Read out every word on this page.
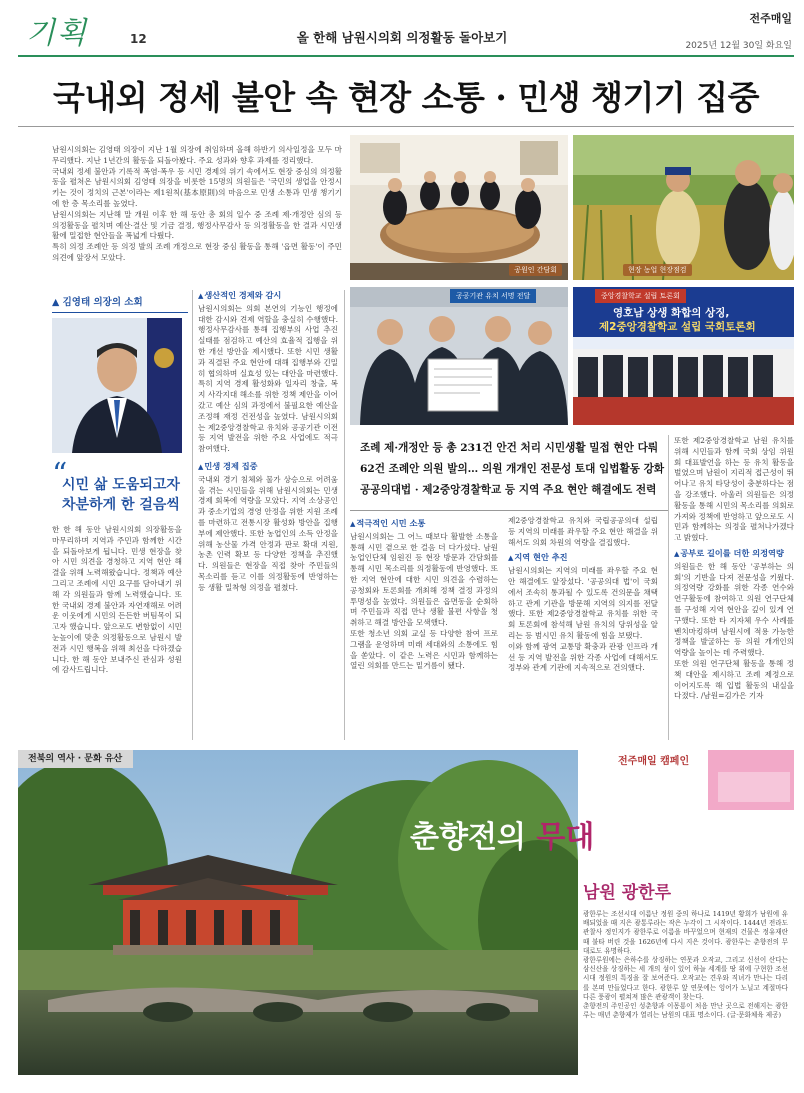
기획	12	올 한해 남원시의회 의정활동 돌아보기
전주매일
2025년 12월 30일 화요일
국내외 정세 불안 속 현장 소통 · 민생 챙기기 집중

남원시의회는 김영태 의장이 지난 1월 의장에 취임하며 올해 하반기 의사일정을 모두 마무리했다. 지난 1년간의 활동을 되돌아봤다. 주요 성과와 향후 과제를 정리했다.

국내외 정세 불안과 기록적 폭염·폭우 등 시민 경제의 위기 속에서도 현장 중심의 의정활동을 펼쳐온 남원시의회 김영태 의장을 비롯한 15명의 의원들은 '국민의 생업을 안정시키는 것이 정치의 근본'이라는 제1원칙(基本原則)의 마음으로 민생 소통과 민생 챙기기에 한 층 목소리를 높였다.

남원시의회는 지난해 말 개원 이후 한 해 동안 총 회의 일수 중 조례 제·개정안 심의 등 의정활동을 펼치며 예산·결산 및 기금 결정, 행정사무감사 등 의정활동을 한 결과 시민생활에 밀접한 현안들을 폭넓게 다뤘다.

특히 의정 조례안 등 의정 발의 조례 개정으로 현장 중심 활동을 통해 '읍면 활동'이 주민 의견에 앞장서 모았다.

공원인 간담회	현장 농업 현장점검
▲ 김영태 의장의 소회
“
시민 삶 도움되고자 차분하게 한 걸음씩
한 한 해 동안 남원시의회 의장활동을 마무리하며 지역과 주민과 함께한 시간을 되돌아보게 됩니다. 민생 현장을 찾아 시민 의견을 경청하고 지역 현안 해결을 위해 노력해왔습니다. 정책과 예산 그리고 조례에 시민 요구를 담아내기 위해 각 의원들과 함께 노력했습니다. 또한 국내외 경제 불안과 자연재해로 어려운 이웃에게 시민의 든든한 버팀목이 되고자 했습니다. 앞으로도 변함없이 시민 눈높이에 맞춘 의정활동으로 남원시 발전과 시민 행복을 위해 최선을 다하겠습니다. 한 해 동안 보내주신 관심과 성원에 감사드립니다.
▲ 생산적인 경제와 감시

남원시의회는 의회 본연의 기능인 행정에 대한 감시와 견제 역할을 충실히 수행했다. 행정사무감사를 통해 집행부의 사업 추진 실태를 점검하고 예산의 효율적 집행을 위한 개선 방안을 제시했다. 또한 시민 생활과 직결된 주요 현안에 대해 집행부와 긴밀히 협의하며 실효성 있는 대안을 마련했다. 특히 지역 경제 활성화와 일자리 창출, 복지 사각지대 해소를 위한 정책 제안을 이어갔고 예산 심의 과정에서 불필요한 예산을 조정해 재정 건전성을 높였다. 남원시의회는 제2중앙경찰학교 유치와 공공기관 이전 등 지역 발전을 위한 주요 사업에도 적극 참여했다.

▲ 민생 경제 집중

국내외 경기 침체와 물가 상승으로 어려움을 겪는 시민들을 위해 남원시의회는 민생 경제 회복에 역량을 모았다. 지역 소상공인과 중소기업의 경영 안정을 위한 지원 조례를 마련하고 전통시장 활성화 방안을 집행부에 제안했다. 또한 농업인의 소득 안정을 위해 농산물 가격 안정과 판로 확대 지원, 농촌 인력 확보 등 다양한 정책을 추진했다. 의원들은 현장을 직접 찾아 주민들의 목소리를 듣고 이를 의정활동에 반영하는 등 생활 밀착형 의정을 펼쳤다.

공공기관 유치 서명 전달	중앙경찰학교 설립 토론회
영호남 상생 화합의 상징,
제2중앙경찰학교 설립 국회토론회
조례 제·개정안 등 총 231건 안건 처리 시민생활 밀접 현안 다뤄
62건 조례안 의원 발의… 의원 개개인 전문성 토대 입법활동 강화
공공의대법 · 제2중앙경찰학교 등 지역 주요 현안 해결에도 전력
▲ 적극적인 시민 소통

남원시의회는 그 어느 때보다 활발한 소통을 통해 시민 곁으로 한 걸음 더 다가섰다. 남원 농업인단체 임원진 등 현장 방문과 간담회를 통해 시민 목소리를 의정활동에 반영했다. 또한 지역 현안에 대한 시민 의견을 수렴하는 공청회와 토론회를 개최해 정책 결정 과정의 투명성을 높였다. 의원들은 읍면동을 순회하며 주민들과 직접 만나 생활 불편 사항을 청취하고 해결 방안을 모색했다.

또한 청소년 의회 교실 등 다양한 참여 프로그램을 운영하며 미래 세대와의 소통에도 힘을 쏟았다. 이 같은 노력은 시민과 함께하는 열린 의회를 만드는 밑거름이 됐다.

제2중앙경찰학교 유치와 국립공공의대 설립 등 지역의 미래를 좌우할 주요 현안 해결을 위해서도 의회 차원의 역량을 결집했다.

▲ 지역 현안 추진

남원시의회는 지역의 미래를 좌우할 주요 현안 해결에도 앞장섰다. '공공의대 법'이 국회에서 조속히 통과될 수 있도록 건의문을 채택하고 관계 기관을 방문해 지역의 의지를 전달했다. 또한 제2중앙경찰학교 유치를 위한 국회 토론회에 참석해 남원 유치의 당위성을 알리는 등 범시민 유치 활동에 힘을 보탰다.

이와 함께 광역 교통망 확충과 관광 인프라 개선 등 지역 발전을 위한 각종 사업에 대해서도 정부와 관계 기관에 지속적으로 건의했다.

또한 제2중앙경찰학교 남원 유치를 위해 시민들과 함께 국회 상임 위원회 대표발언을 하는 등 유치 활동을 벌였으며 남원이 지리적 접근성이 뛰어나고 유치 타당성이 충분하다는 점을 강조했다. 아울러 의원들은 의정 활동을 통해 시민의 목소리를 의회로 가져와 정책에 반영하고 앞으로도 시민과 함께하는 의정을 펼쳐나가겠다고 밝혔다.

▲ 공부로 길이를 더한 의정역량

의원들은 한 해 동안 '공부하는 의회'의 기반을 다져 전문성을 키웠다. 의정역량 강화를 위한 각종 연수와 연구활동에 참여하고 의원 연구단체를 구성해 지역 현안을 깊이 있게 연구했다. 또한 타 지자체 우수 사례를 벤치마킹하며 남원시에 적용 가능한 정책을 발굴하는 등 의원 개개인의 역량을 높이는 데 주력했다.

또한 의원 연구단체 활동을 통해 정책 대안을 제시하고 조례 제정으로 이어지도록 해 입법 활동의 내실을 다졌다. /남원=김가은 기자

전북의 역사 · 문화 유산	전주매일 캠페인
춘향전의 무대
남원 광한루

광한루는 조선시대 이름난 정원 중의 하나로 1419년 황희가 남원에 유배되었을 때 지은 광통루라는 작은 누각이 그 시작이다. 1444년 전라도 관찰사 정인지가 광한루로 이름을 바꾸었으며 현재의 건물은 정유재란 때 불타 버린 것을 1626년에 다시 지은 것이다. 광한루는 춘향전의 무대로도 유명하다.

광한루원에는 은하수를 상징하는 연못과 오작교, 그리고 신선이 산다는 삼신산을 상징하는 세 개의 섬이 있어 하늘 세계를 땅 위에 구현한 조선시대 정원의 특징을 잘 보여준다. 오작교는 견우와 직녀가 만나는 다리를 본떠 만들었다고 한다. 광한루 앞 연못에는 잉어가 노닐고 계절마다 다른 풍광이 펼쳐져 많은 관광객이 찾는다.

춘향전의 주인공인 성춘향과 이몽룡이 처음 만난 곳으로 전해지는 광한루는 매년 춘향제가 열리는 남원의 대표 명소이다. (글·문화체육 제공)
